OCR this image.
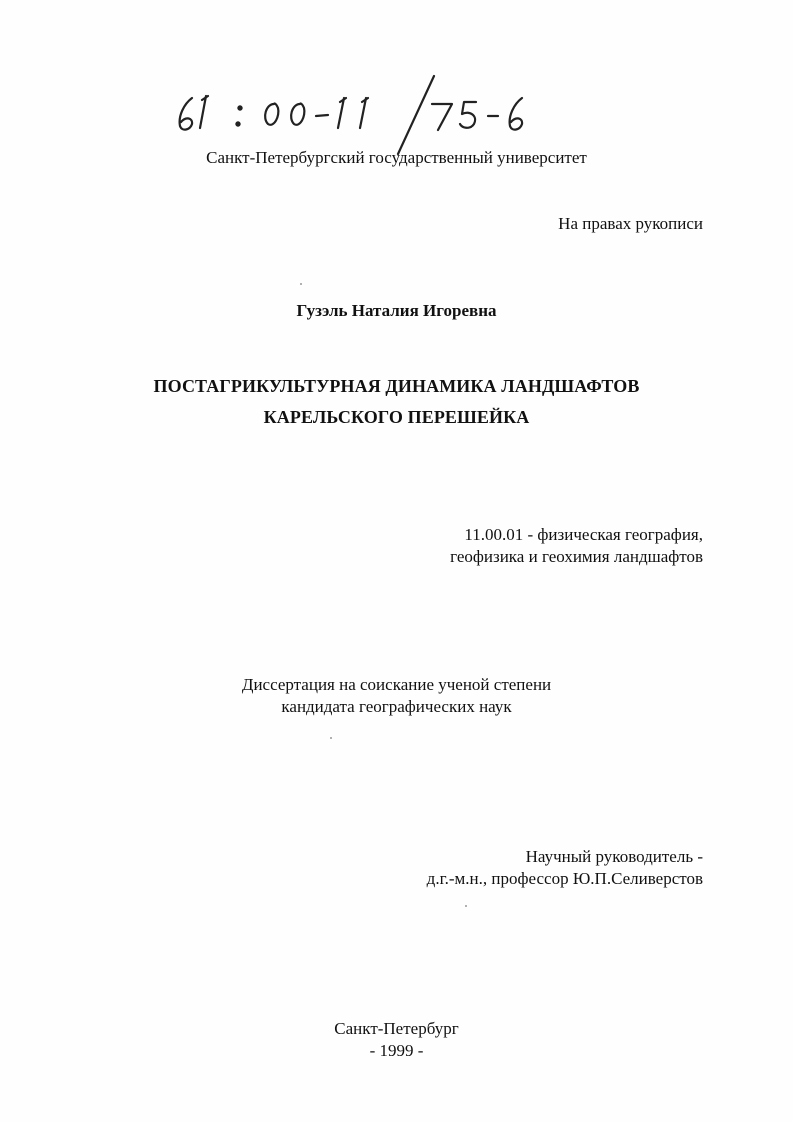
Санкт-Петербургский государственный университет
На правах рукописи
Гузэль Наталия Игоревна
ПОСТАГРИКУЛЬТУРНАЯ ДИНАМИКА ЛАНДШАФТОВ
КАРЕЛЬСКОГО ПЕРЕШЕЙКА
11.00.01 - физическая география,
геофизика и геохимия ландшафтов
Диссертация на соискание ученой степени
кандидата географических наук
Научный руководитель -
д.г.-м.н., профессор Ю.П.Селиверстов
Санкт-Петербург
- 1999 -
